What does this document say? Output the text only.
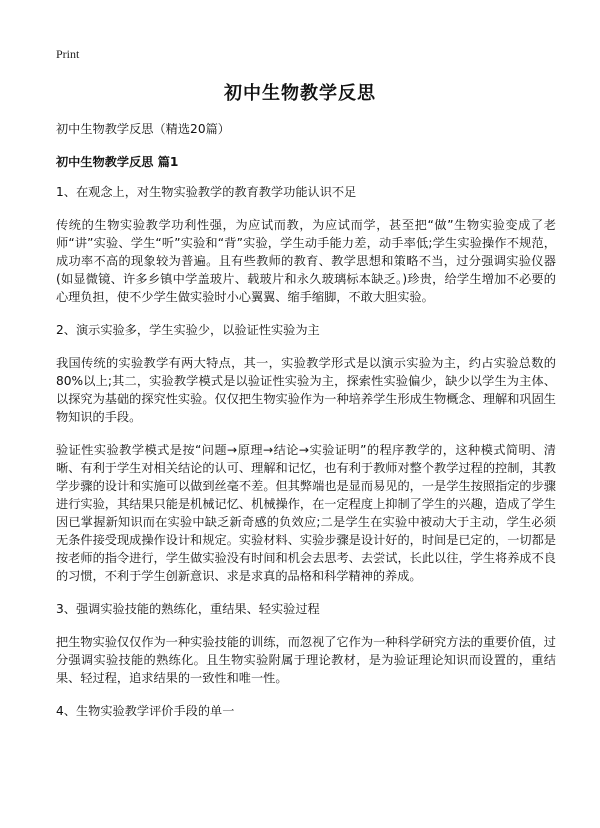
Print
初中生物教学反思

初中生物教学反思（精选20篇）

初中生物教学反思 篇1

1、在观念上，对生物实验教学的教育教学功能认识不足

传统的生物实验教学功利性强，为应试而教，为应试而学，甚至把“做”生物实验变成了老师“讲”实验、学生“听”实验和“背”实验，学生动手能力差，动手率低;学生实验操作不规范，成功率不高的现象较为普遍。且有些教师的教育、教学思想和策略不当，过分强调实验仪器(如显微镜、许多乡镇中学盖玻片、载玻片和永久玻璃标本缺乏。)珍贵，给学生增加不必要的心理负担，使不少学生做实验时小心翼翼、缩手缩脚，不敢大胆实验。

2、演示实验多，学生实验少，以验证性实验为主

我国传统的实验教学有两大特点，其一，实验教学形式是以演示实验为主，约占实验总数的80%以上;其二，实验教学模式是以验证性实验为主，探索性实验偏少，缺少以学生为主体、以探究为基础的探究性实验。仅仅把生物实验作为一种培养学生形成生物概念、理解和巩固生物知识的手段。

验证性实验教学模式是按“问题→原理→结论→实验证明”的程序教学的，这种模式简明、清晰、有利于学生对相关结论的认可、理解和记忆，也有利于教师对整个教学过程的控制，其教学步骤的设计和实施可以做到丝毫不差。但其弊端也是显而易见的，一是学生按照指定的步骤进行实验，其结果只能是机械记忆、机械操作，在一定程度上抑制了学生的兴趣，造成了学生因已掌握新知识而在实验中缺乏新奇感的负效应;二是学生在实验中被动大于主动，学生必须无条件接受现成操作设计和规定。实验材料、实验步骤是设计好的，时间是已定的，一切都是按老师的指令进行，学生做实验没有时间和机会去思考、去尝试，长此以往，学生将养成不良的习惯，不利于学生创新意识、求是求真的品格和科学精神的养成。

3、强调实验技能的熟练化，重结果、轻实验过程

把生物实验仅仅作为一种实验技能的训练，而忽视了它作为一种科学研究方法的重要价值，过分强调实验技能的熟练化。且生物实验附属于理论教材，是为验证理论知识而设置的，重结果、轻过程，追求结果的一致性和唯一性。

4、生物实验教学评价手段的单一
